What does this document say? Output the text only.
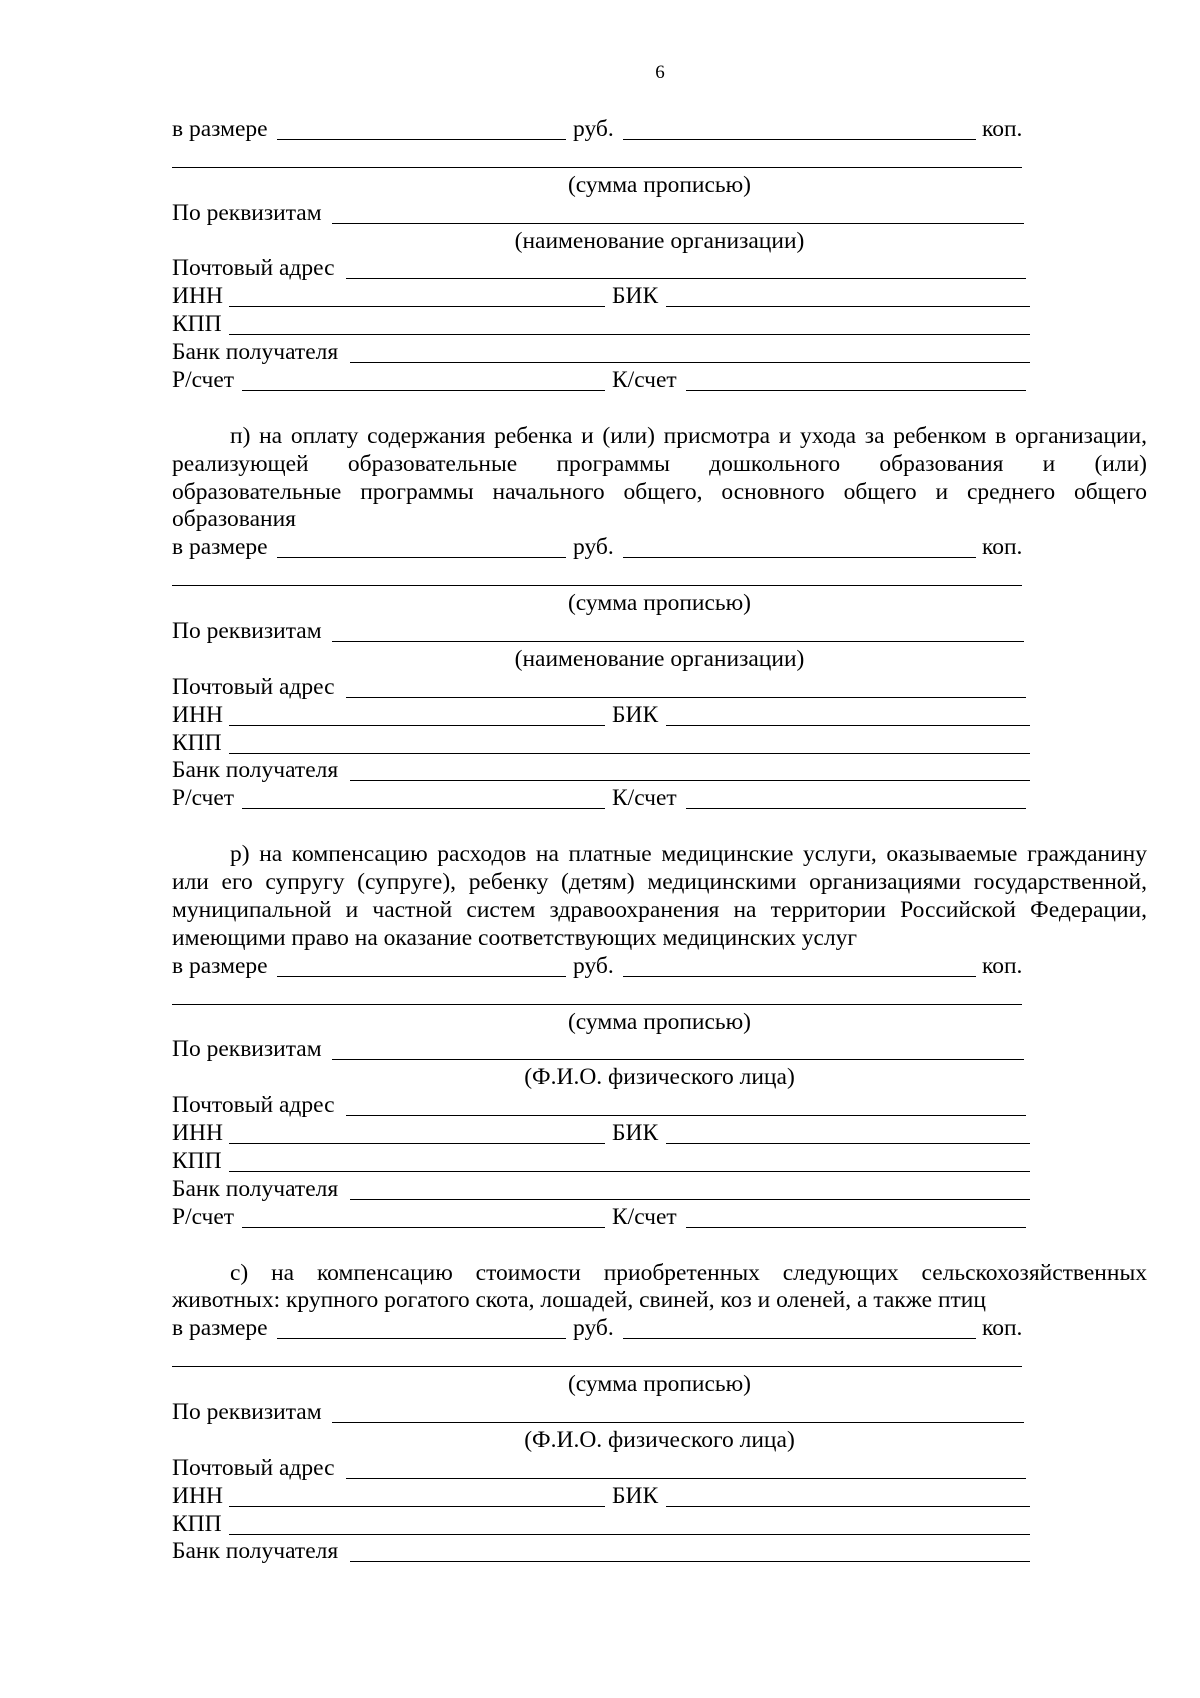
6
в размере	руб.	коп.
(сумма прописью)
По реквизитам
(наименование организации)
Почтовый адрес
ИНН	БИК
КПП
Банк получателя
Р/счет	К/счет
п) на оплату содержания ребенка и (или) присмотра и ухода за ребенком в организации,
реализующей образовательные программы дошкольного образования и (или)
образовательные программы начального общего, основного общего и среднего общего
образования
в размере	руб.	коп.
(сумма прописью)
По реквизитам
(наименование организации)
Почтовый адрес
ИНН	БИК
КПП
Банк получателя
Р/счет	К/счет
р) на компенсацию расходов на платные медицинские услуги, оказываемые гражданину
или его супругу (супруге), ребенку (детям) медицинскими организациями государственной,
муниципальной и частной систем здравоохранения на территории Российской Федерации,
имеющими право на оказание соответствующих медицинских услуг
в размере	руб.	коп.
(сумма прописью)
По реквизитам
(Ф.И.О. физического лица)
Почтовый адрес
ИНН	БИК
КПП
Банк получателя
Р/счет	К/счет
с) на компенсацию стоимости приобретенных следующих сельскохозяйственных
животных: крупного рогатого скота, лошадей, свиней, коз и оленей, а также птиц
в размере	руб.	коп.
(сумма прописью)
По реквизитам
(Ф.И.О. физического лица)
Почтовый адрес
ИНН	БИК
КПП
Банк получателя
